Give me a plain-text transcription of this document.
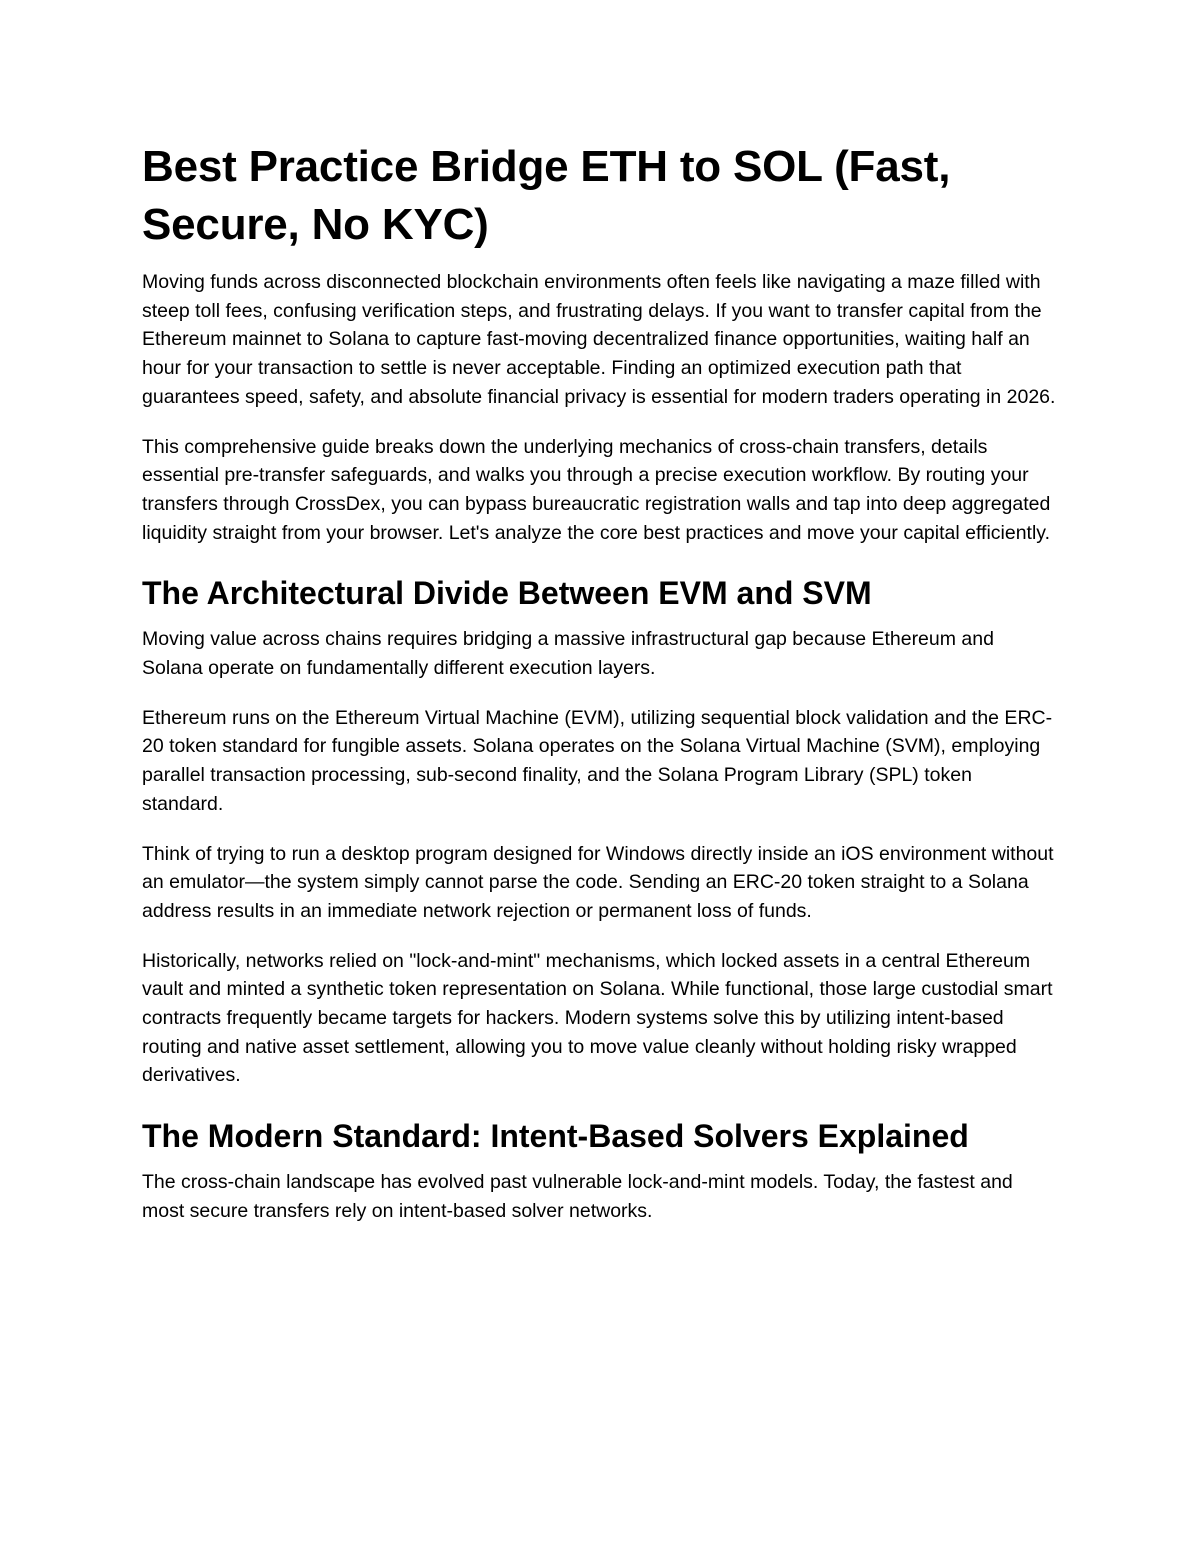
Best Practice Bridge ETH to SOL (Fast, Secure, No KYC)

Moving funds across disconnected blockchain environments often feels like navigating a maze filled with steep toll fees, confusing verification steps, and frustrating delays. If you want to transfer capital from the Ethereum mainnet to Solana to capture fast-moving decentralized finance opportunities, waiting half an hour for your transaction to settle is never acceptable. Finding an optimized execution path that guarantees speed, safety, and absolute financial privacy is essential for modern traders operating in 2026.

This comprehensive guide breaks down the underlying mechanics of cross-chain transfers, details essential pre-transfer safeguards, and walks you through a precise execution workflow. By routing your transfers through CrossDex, you can bypass bureaucratic registration walls and tap into deep aggregated liquidity straight from your browser. Let's analyze the core best practices and move your capital efficiently.

The Architectural Divide Between EVM and SVM

Moving value across chains requires bridging a massive infrastructural gap because Ethereum and Solana operate on fundamentally different execution layers.

Ethereum runs on the Ethereum Virtual Machine (EVM), utilizing sequential block validation and the ERC-20 token standard for fungible assets. Solana operates on the Solana Virtual Machine (SVM), employing parallel transaction processing, sub-second finality, and the Solana Program Library (SPL) token standard.

Think of trying to run a desktop program designed for Windows directly inside an iOS environment without an emulator—the system simply cannot parse the code. Sending an ERC-20 token straight to a Solana address results in an immediate network rejection or permanent loss of funds.

Historically, networks relied on "lock-and-mint" mechanisms, which locked assets in a central Ethereum vault and minted a synthetic token representation on Solana. While functional, those large custodial smart contracts frequently became targets for hackers. Modern systems solve this by utilizing intent-based routing and native asset settlement, allowing you to move value cleanly without holding risky wrapped derivatives.

The Modern Standard: Intent-Based Solvers Explained

The cross-chain landscape has evolved past vulnerable lock-and-mint models. Today, the fastest and most secure transfers rely on intent-based solver networks.
